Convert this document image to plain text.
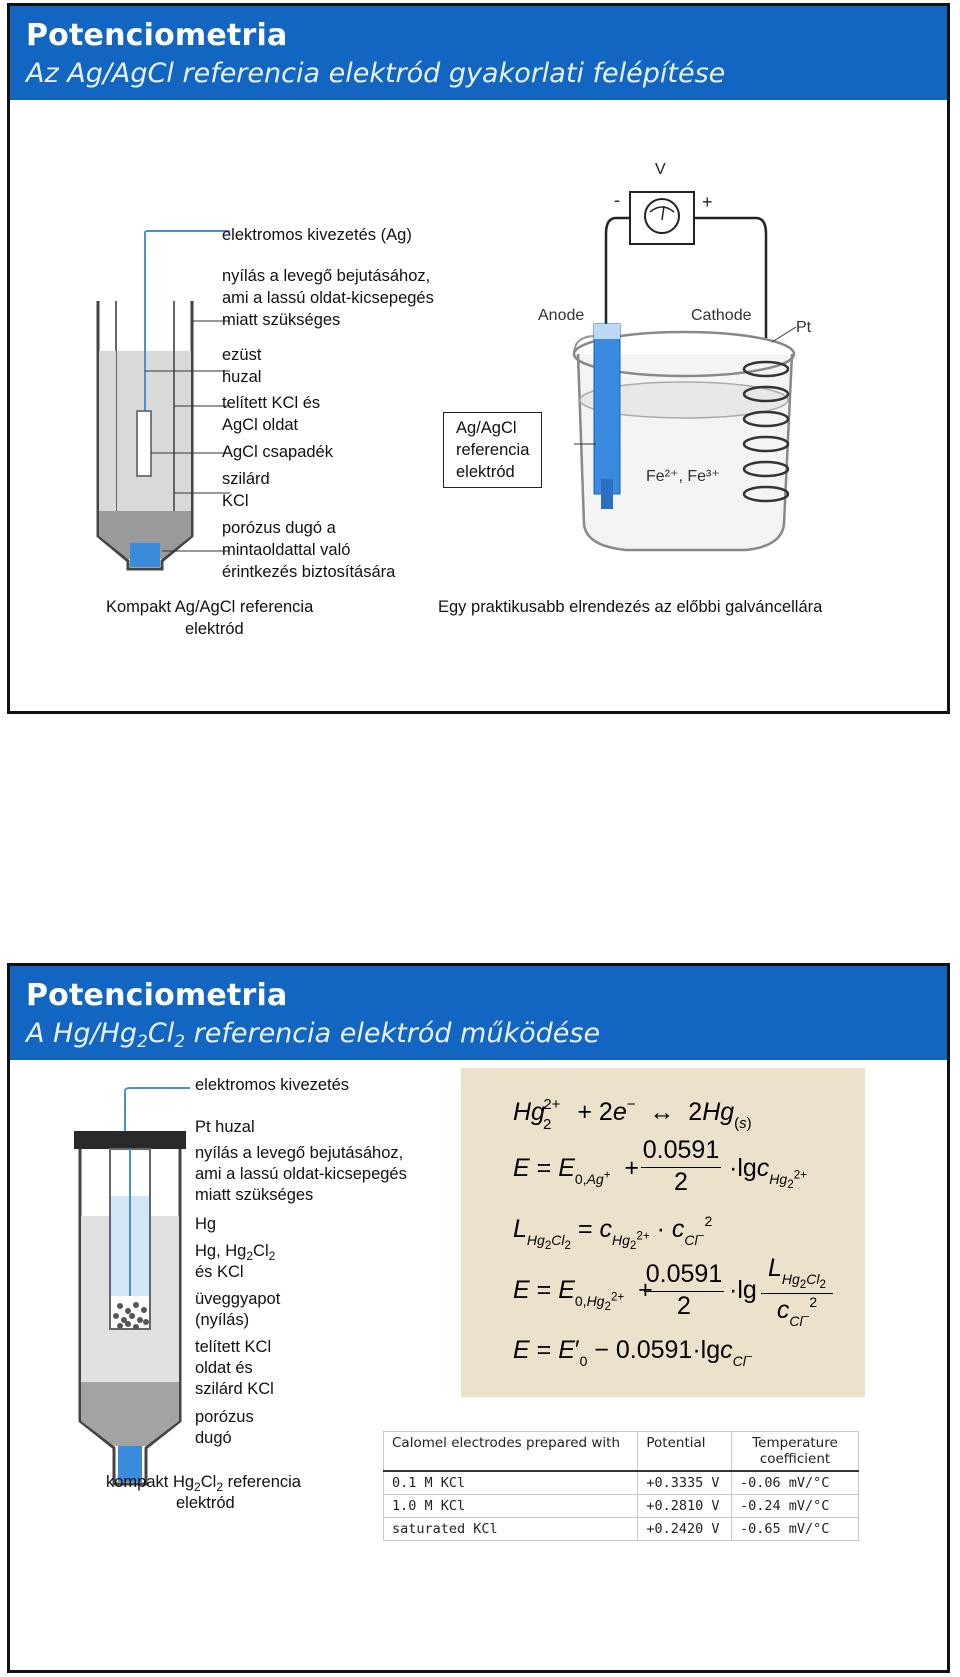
Potenciometria
Az Ag/AgCl referencia elektród gyakorlati felépítése
elektromos kivezetés (Ag)
nyílás a levegő bejutásához,
ami a lassú oldat-kicsepegés
miatt szükséges
ezüst
huzal
telített KCl és
AgCl oldat
AgCl csapadék
szilárd
KCl
porózus dugó a
mintaoldattal való
érintkezés biztosítására
Kompakt Ag/AgCl referencia
elektród
V
-	+
Anode	Cathode
Pt
Fe²⁺, Fe³⁺
Ag/AgCl
referencia
elektród
Egy praktikusabb elrendezés az előbbi galváncellára
Potenciometria
A Hg/Hg2Cl2 referencia elektród működése
elektromos kivezetés
Pt huzal
nyílás a levegő bejutásához,
ami a lassú oldat-kicsepegés
miatt szükséges
Hg
Hg, $Hg_2Cl_2$
és KCl
üveggyapot
(nyílás)
telített KCl
oldat és
szilárd KCl
porózus
dugó
kompakt $Hg_2Cl_2$ referencia
elektród
$Hg_2^{2+} + 2e^-$  ↔  $2Hg_{(s)}$
$E = E_{0,Ag^+}$  +
0.0591
2	·lgc$_{Hg_2^{2+}}$
$L_{Hg_2Cl_2} = c_{Hg_2^{2+}} \cdot c_{Cl^-}^2$
$E = E_{0,Hg_2^{2+}}$  +
0.0591
2
·lg
$L_{Hg_2Cl_2}$
$c_{Cl^-}^2$
$E = E'_0 - 0.0591\cdot\lg c_{Cl^-}$
Calomel electrodes prepared with	Potential	Temperature coefficient
0.1 M KCl	+0.3335 V	-0.06 mV/°C
1.0 M KCl	+0.2810 V	-0.24 mV/°C
saturated KCl	+0.2420 V	-0.65 mV/°C
